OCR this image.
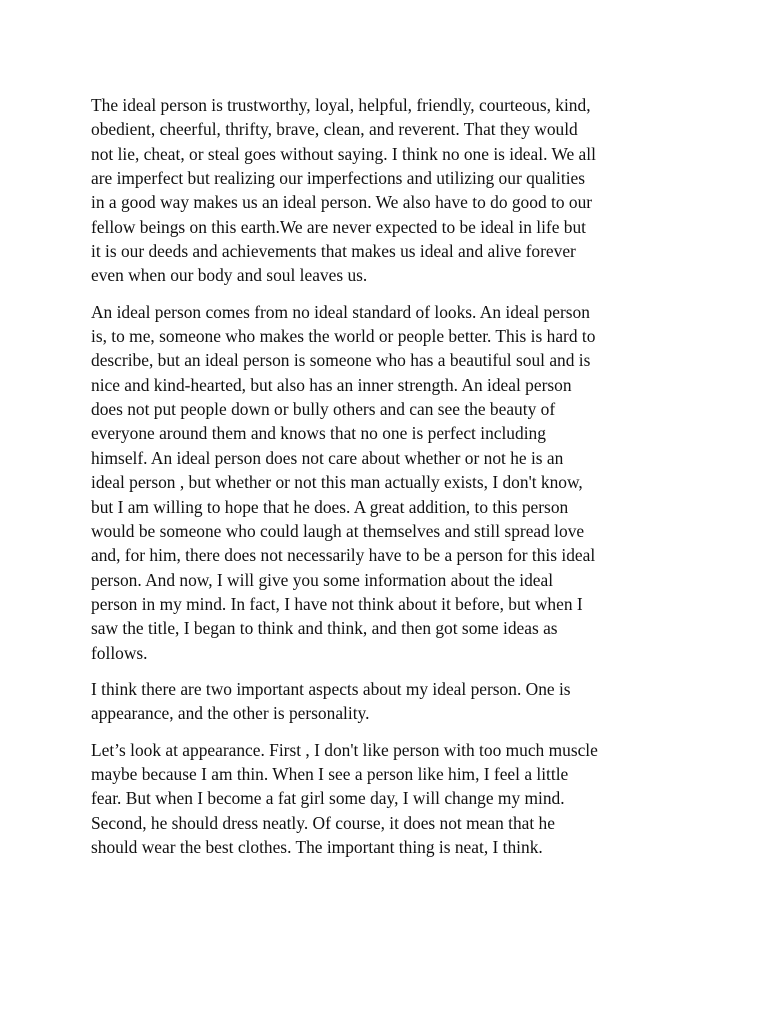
The ideal person is trustworthy, loyal, helpful, friendly, courteous, kind,
obedient, cheerful, thrifty, brave, clean, and reverent. That they would
not lie, cheat, or steal goes without saying. I think no one is ideal. We all
are imperfect but realizing our imperfections and utilizing our qualities
in a good way makes us an ideal person. We also have to do good to our
fellow beings on this earth.We are never expected to be ideal in life but
it is our deeds and achievements that makes us ideal and alive forever
even when our body and soul leaves us.

An ideal person comes from no ideal standard of looks. An ideal person
is, to me, someone who makes the world or people better. This is hard to
describe, but an ideal person is someone who has a beautiful soul and is
nice and kind-hearted, but also has an inner strength. An ideal person
does not put people down or bully others and can see the beauty of
everyone around them and knows that no one is perfect including
himself. An ideal person does not care about whether or not he is an
ideal person , but whether or not this man actually exists, I don't know,
but I am willing to hope that he does. A great addition, to this person
would be someone who could laugh at themselves and still spread love
and, for him, there does not necessarily have to be a person for this ideal
person. And now, I will give you some information about the ideal
person in my mind. In fact, I have not think about it before, but when I
saw the title, I began to think and think, and then got some ideas as
follows.

I think there are two important aspects about my ideal person. One is
appearance, and the other is personality.

Let’s look at appearance. First , I don't like person with too much muscle
maybe because I am thin. When I see a person like him, I feel a little
fear. But when I become a fat girl some day, I will change my mind.
Second, he should dress neatly. Of course, it does not mean that he
should wear the best clothes. The important thing is neat, I think.
